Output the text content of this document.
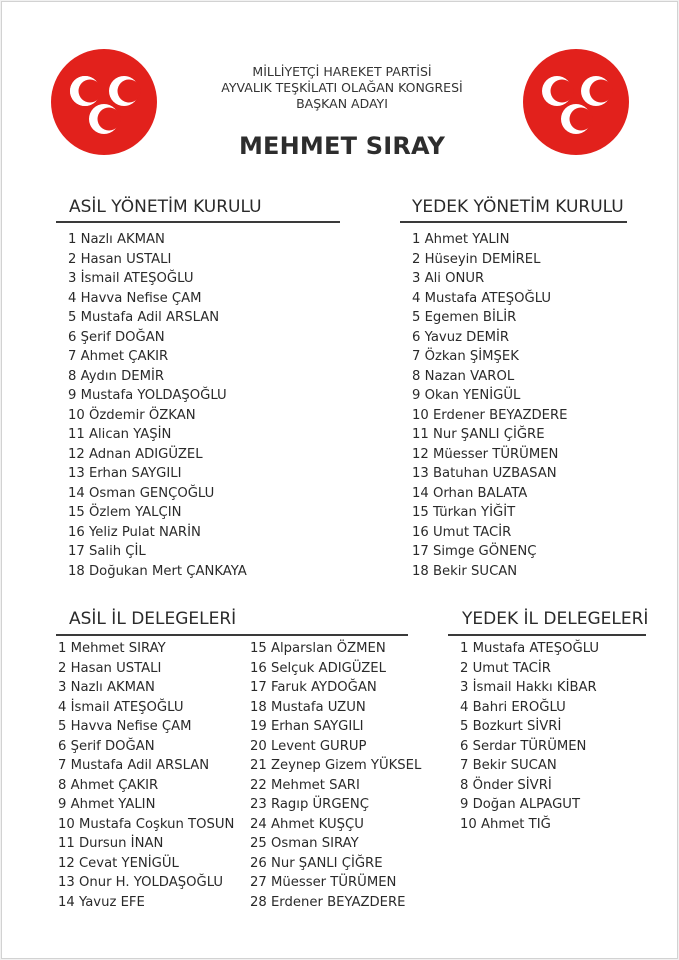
MİLLİYETÇİ HAREKET PARTİSİ
AYVALIK TEŞKİLATI OLAĞAN KONGRESİ
BAŞKAN ADAYI
MEHMET SIRAY
ASİL YÖNETİM KURULU
1 Nazlı AKMAN
2 Hasan USTALI
3 İsmail ATEŞOĞLU
4 Havva Nefise ÇAM
5 Mustafa Adil ARSLAN
6 Şerif DOĞAN
7 Ahmet ÇAKIR
8 Aydın DEMİR
9 Mustafa YOLDAŞOĞLU
10 Özdemir ÖZKAN
11 Alican YAŞİN
12 Adnan ADIGÜZEL
13 Erhan SAYGILI
14 Osman GENÇOĞLU
15 Özlem YALÇIN
16 Yeliz Pulat NARİN
17 Salih ÇİL
18 Doğukan Mert ÇANKAYA
YEDEK YÖNETİM KURULU
1 Ahmet YALIN
2 Hüseyin DEMİREL
3 Ali ONUR
4 Mustafa ATEŞOĞLU
5 Egemen BİLİR
6 Yavuz DEMİR
7 Özkan ŞİMŞEK
8 Nazan VAROL
9 Okan YENİGÜL
10 Erdener BEYAZDERE
11 Nur ŞANLI ÇİĞRE
12 Müesser TÜRÜMEN
13 Batuhan UZBASAN
14 Orhan BALATA
15 Türkan YİĞİT
16 Umut TACİR
17 Simge GÖNENÇ
18 Bekir SUCAN
ASİL İL DELEGELERİ
1 Mehmet SIRAY
2 Hasan USTALI
3 Nazlı AKMAN
4 İsmail ATEŞOĞLU
5 Havva Nefise ÇAM
6 Şerif DOĞAN
7 Mustafa Adil ARSLAN
8 Ahmet ÇAKIR
9 Ahmet YALIN
10 Mustafa Coşkun TOSUN
11 Dursun İNAN
12 Cevat YENİGÜL
13 Onur H. YOLDAŞOĞLU
14 Yavuz EFE
15 Alparslan ÖZMEN
16 Selçuk ADIGÜZEL
17 Faruk AYDOĞAN
18 Mustafa UZUN
19 Erhan SAYGILI
20 Levent GURUP
21 Zeynep Gizem YÜKSEL
22 Mehmet SARI
23 Ragıp ÜRGENÇ
24 Ahmet KUŞÇU
25 Osman SIRAY
26 Nur ŞANLI ÇİĞRE
27 Müesser TÜRÜMEN
28 Erdener BEYAZDERE
YEDEK İL DELEGELERİ
1 Mustafa ATEŞOĞLU
2 Umut TACİR
3 İsmail Hakkı KİBAR
4 Bahri EROĞLU
5 Bozkurt SİVRİ
6 Serdar TÜRÜMEN
7 Bekir SUCAN
8 Önder SİVRİ
9 Doğan ALPAGUT
10 Ahmet TIĞ
